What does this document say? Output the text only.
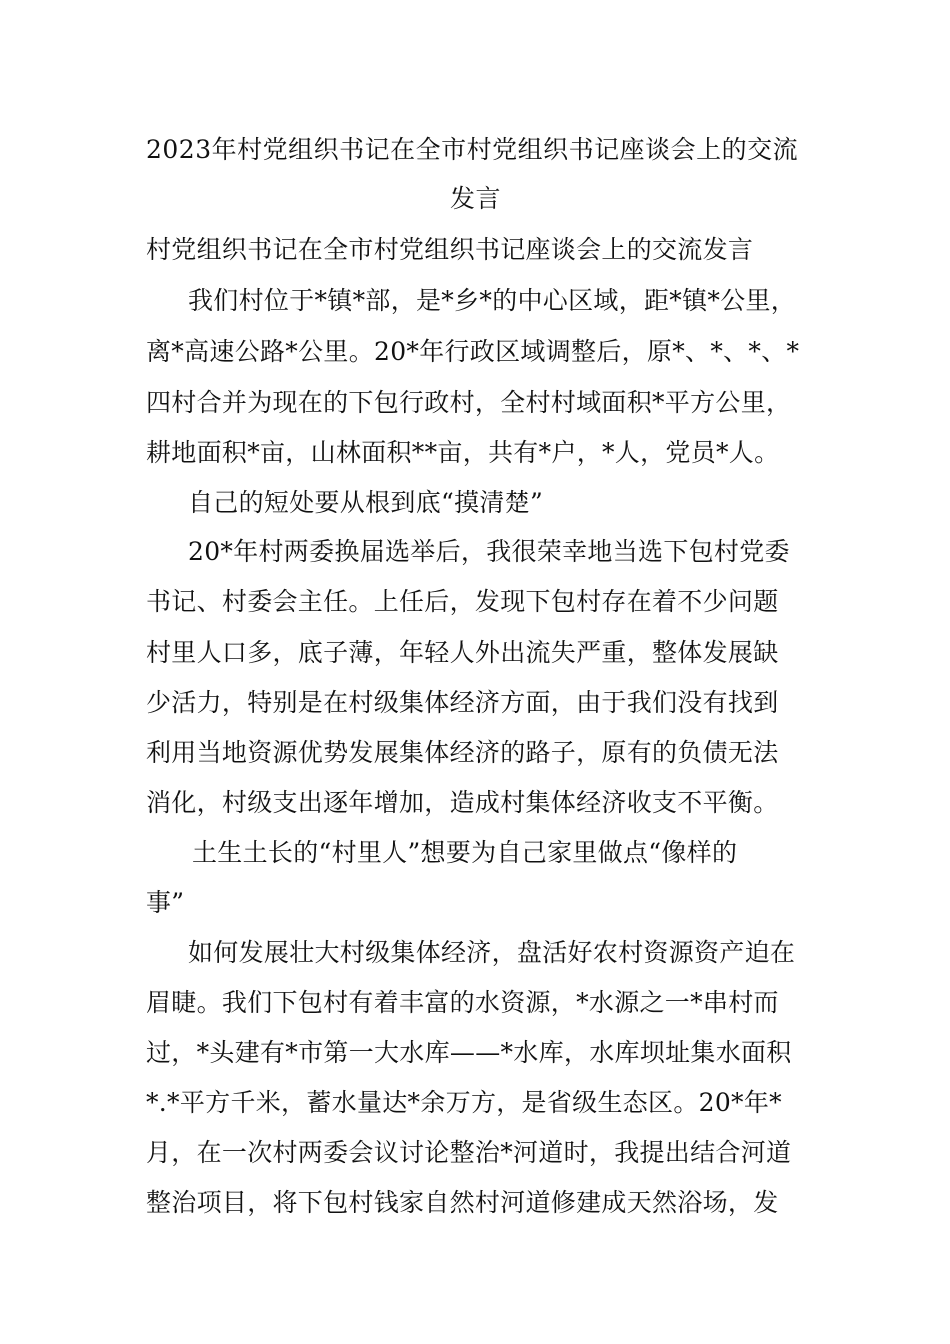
2023年村党组织书记在全市村党组织书记座谈会上的交流
发言
村党组织书记在全市村党组织书记座谈会上的交流发言
我们村位于*镇*部，是*乡*的中心区域，距*镇*公里，
离*高速公路*公里。20*年行政区域调整后，原*、*、*、*
四村合并为现在的下包行政村，全村村域面积*平方公里，
耕地面积*亩，山林面积**亩，共有*户，*人，党员*人。
自己的短处要从根到底“摸清楚”
20*年村两委换届选举后，我很荣幸地当选下包村党委
书记、村委会主任。上任后，发现下包村存在着不少问题
村里人口多，底子薄，年轻人外出流失严重，整体发展缺
少活力，特别是在村级集体经济方面，由于我们没有找到
利用当地资源优势发展集体经济的路子，原有的负债无法
消化，村级支出逐年增加，造成村集体经济收支不平衡。
土生土长的“村里人”想要为自己家里做点“像样的
事”
如何发展壮大村级集体经济，盘活好农村资源资产迫在
眉睫。我们下包村有着丰富的水资源，*水源之一*串村而
过，*头建有*市第一大水库——*水库，水库坝址集水面积
*.*平方千米，蓄水量达*余万方，是省级生态区。20*年*
月，在一次村两委会议讨论整治*河道时，我提出结合河道
整治项目，将下包村钱家自然村河道修建成天然浴场，发
